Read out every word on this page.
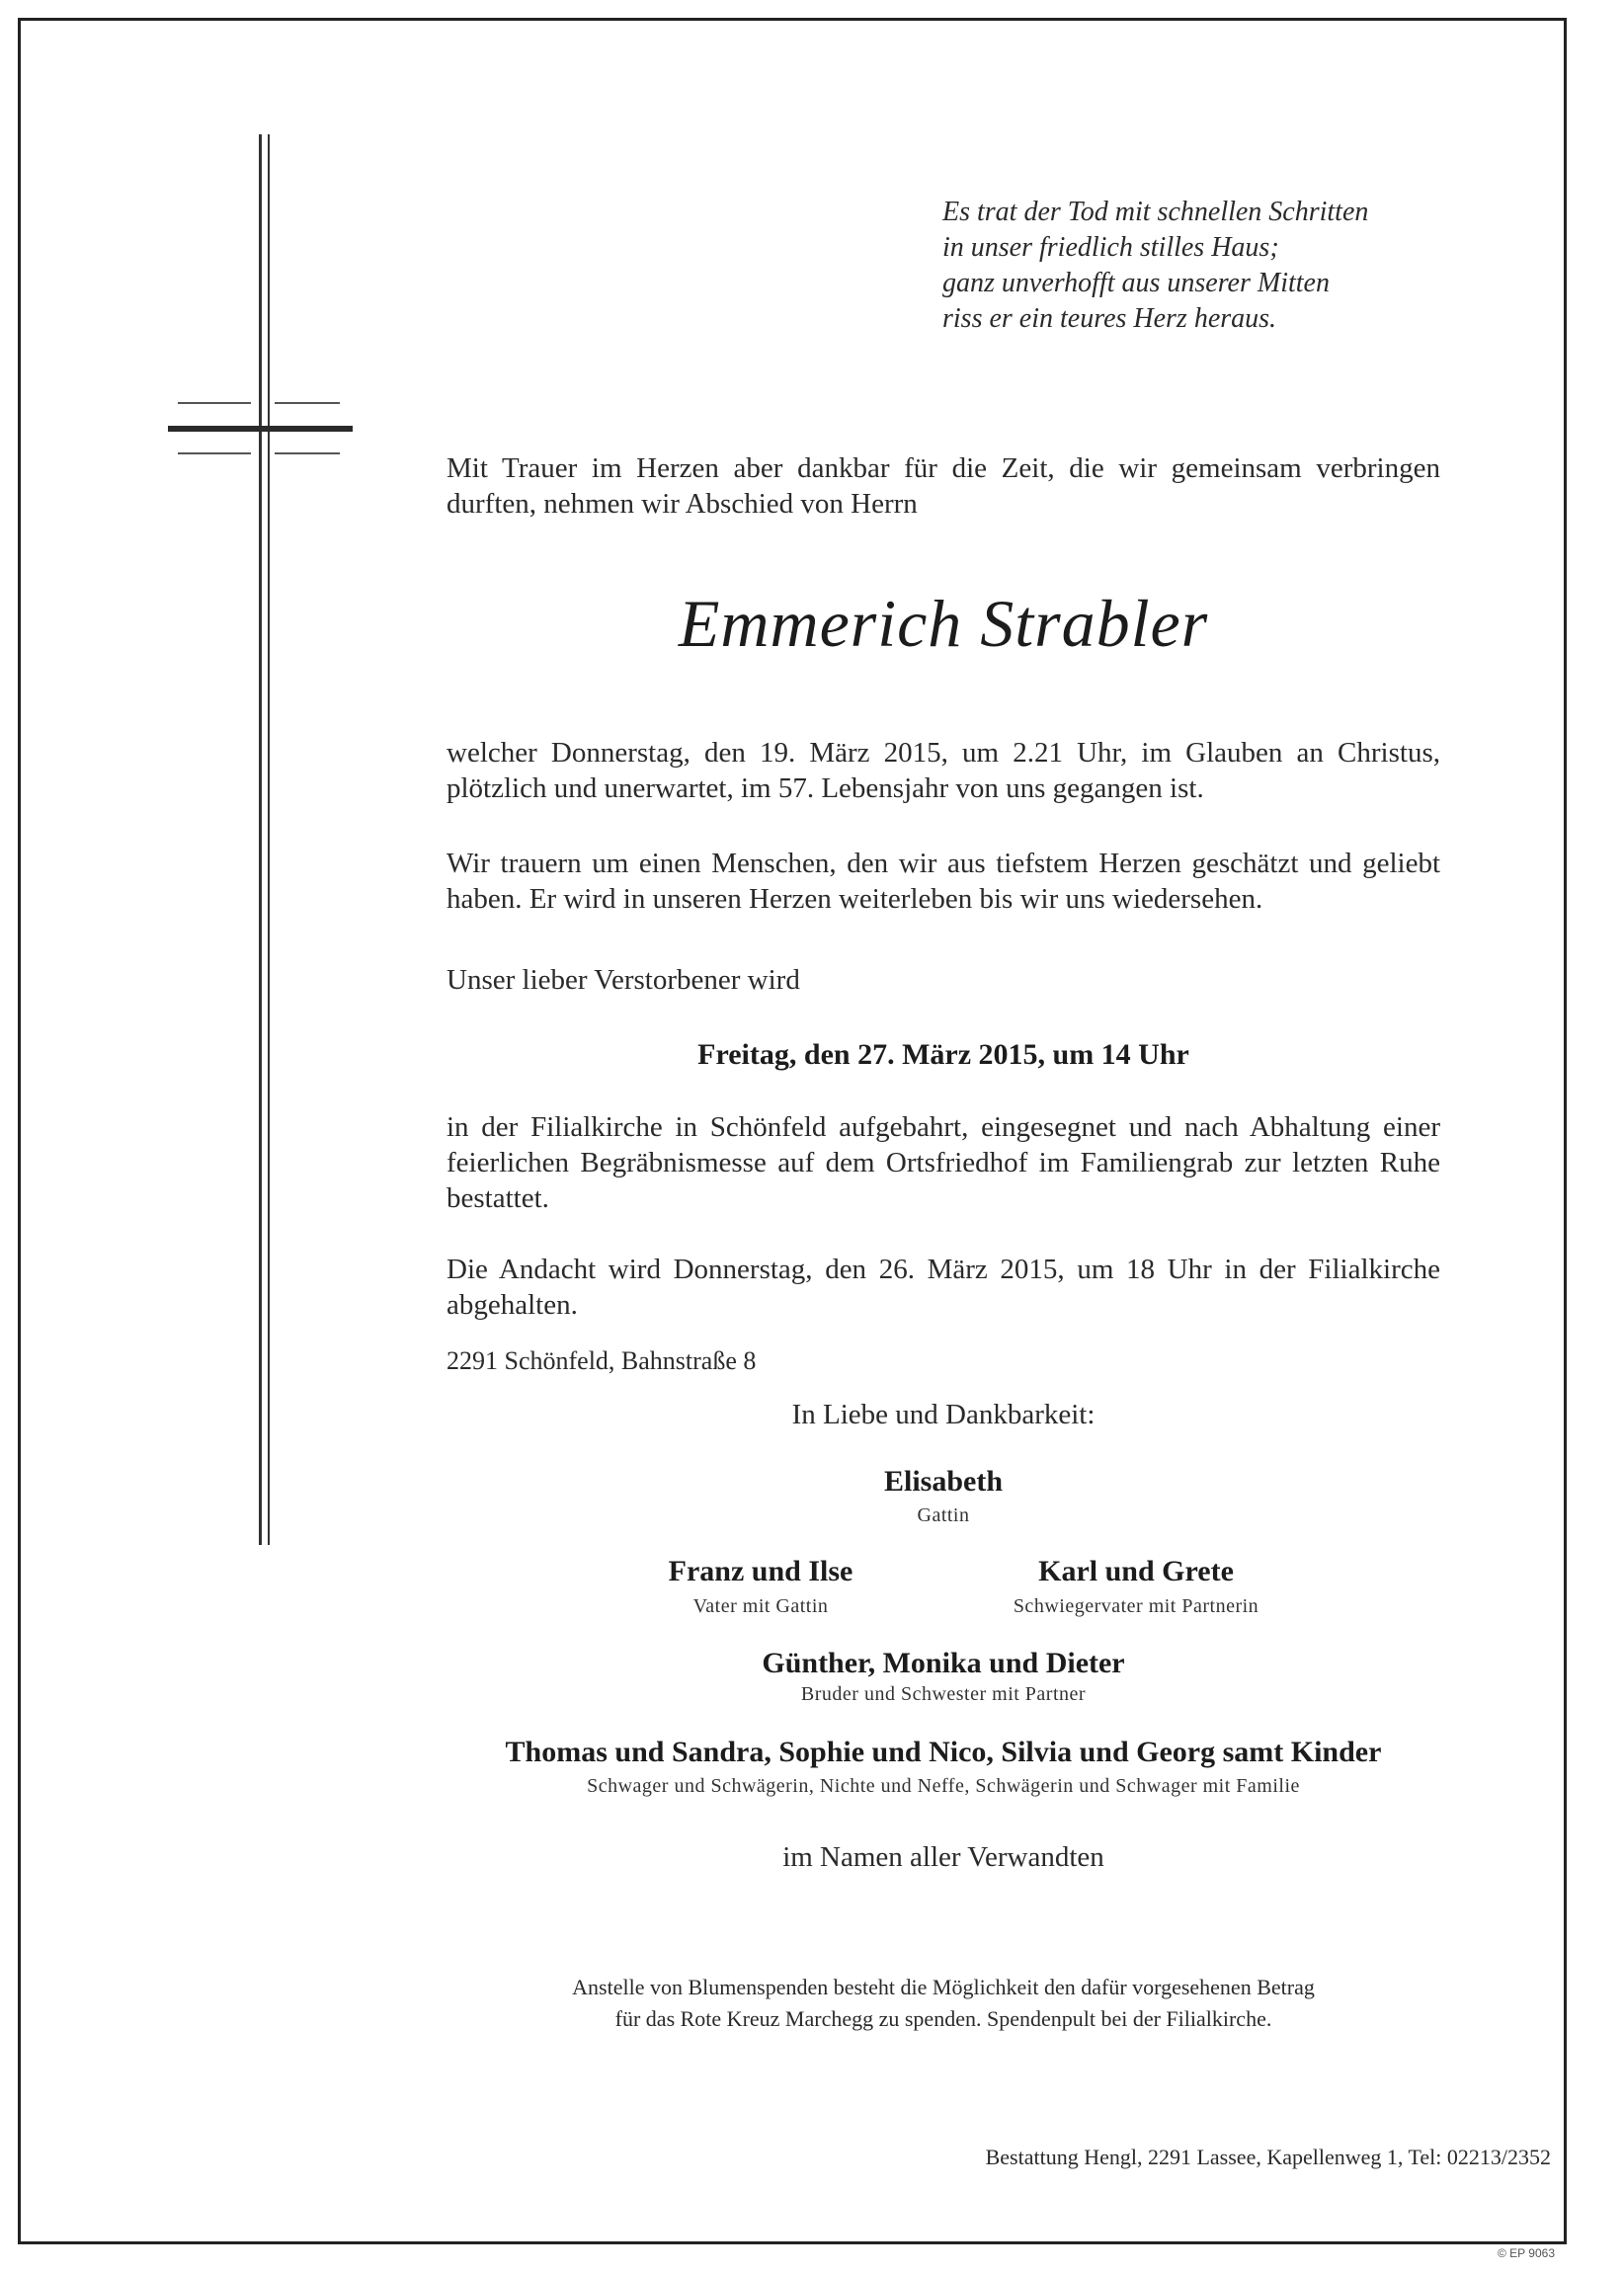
Es trat der Tod mit schnellen Schritten
in unser friedlich stilles Haus;
ganz unverhofft aus unserer Mitten
riss er ein teures Herz heraus.
Mit Trauer im Herzen aber dankbar für die Zeit, die wir gemeinsam verbringen durften, nehmen wir Abschied von Herrn
Emmerich Strabler
welcher Donnerstag, den 19. März 2015, um 2.21 Uhr, im Glauben an Christus, plötzlich und unerwartet, im 57. Lebensjahr von uns gegangen ist.
Wir trauern um einen Menschen, den wir aus tiefstem Herzen geschätzt und geliebt haben. Er wird in unseren Herzen weiterleben bis wir uns wiedersehen.
Unser lieber Verstorbener wird
Freitag, den 27. März 2015, um 14 Uhr
in der Filialkirche in Schönfeld aufgebahrt, eingesegnet und nach Abhaltung einer feierlichen Begräbnismesse auf dem Ortsfriedhof im Familiengrab zur letzten Ruhe bestattet.
Die Andacht wird Donnerstag, den 26. März 2015, um 18 Uhr in der Filialkirche abgehalten.
2291 Schönfeld, Bahnstraße 8
In Liebe und Dankbarkeit:
Elisabeth
Gattin
Franz und Ilse
Vater mit Gattin
Karl und Grete
Schwiegervater mit Partnerin
Günther, Monika und Dieter
Bruder und Schwester mit Partner
Thomas und Sandra, Sophie und Nico, Silvia und Georg samt Kinder
Schwager und Schwägerin, Nichte und Neffe, Schwägerin und Schwager mit Familie
im Namen aller Verwandten
Anstelle von Blumenspenden besteht die Möglichkeit den dafür vorgesehenen Betrag
für das Rote Kreuz Marchegg zu spenden. Spendenpult bei der Filialkirche.
Bestattung Hengl, 2291 Lassee, Kapellenweg 1, Tel: 02213/2352
© EP 9063
